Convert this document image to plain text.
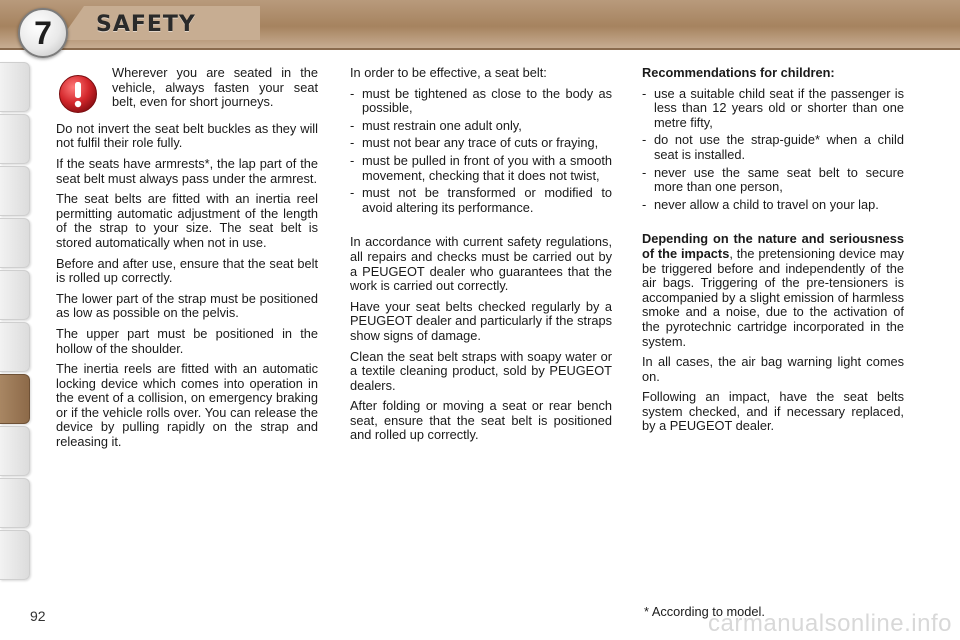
7	SAFETY

Wherever you are seated in the vehicle, always fasten your seat belt, even for short journeys.

Do not invert the seat belt buckles as they will not fulfil their role fully.

If the seats have armrests*, the lap part of the seat belt must always pass under the armrest.

The seat belts are fitted with an inertia reel permitting automatic adjustment of the length of the strap to your size. The seat belt is stored automatically when not in use.

Before and after use, ensure that the seat belt is rolled up correctly.

The lower part of the strap must be positioned as low as possible on the pelvis.

The upper part must be positioned in the hollow of the shoulder.

The inertia reels are fitted with an automatic locking device which comes into operation in the event of a collision, on emergency braking or if the vehicle rolls over. You can release the device by pulling rapidly on the strap and releasing it.

In order to be effective, a seat belt:

- must be tightened as close to the body as possible,
- must restrain one adult only,
- must not bear any trace of cuts or fraying,
- must be pulled in front of you with a smooth movement, checking that it does not twist,
- must not be transformed or modified to avoid altering its performance.

In accordance with current safety regulations, all repairs and checks must be carried out by a PEUGEOT dealer who guarantees that the work is carried out correctly.

Have your seat belts checked regularly by a PEUGEOT dealer and particularly if the straps show signs of damage.

Clean the seat belt straps with soapy water or a textile cleaning product, sold by PEUGEOT dealers.

After folding or moving a seat or rear bench seat, ensure that the seat belt is positioned and rolled up correctly.

Recommendations for children:

- use a suitable child seat if the passenger is less than 12 years old or shorter than one metre fifty,
- do not use the strap-guide* when a child seat is installed.
- never use the same seat belt to secure more than one person,
- never allow a child to travel on your lap.

Depending on the nature and seriousness of the impacts, the pretensioning device may be triggered before and independently of the air bags. Triggering of the pre-tensioners is accompanied by a slight emission of harmless smoke and a noise, due to the activation of the pyrotechnic cartridge incorporated in the system.

In all cases, the air bag warning light comes on.

Following an impact, have the seat belts system checked, and if necessary replaced, by a PEUGEOT dealer.

92	* According to model.
carmanualsonline.info
